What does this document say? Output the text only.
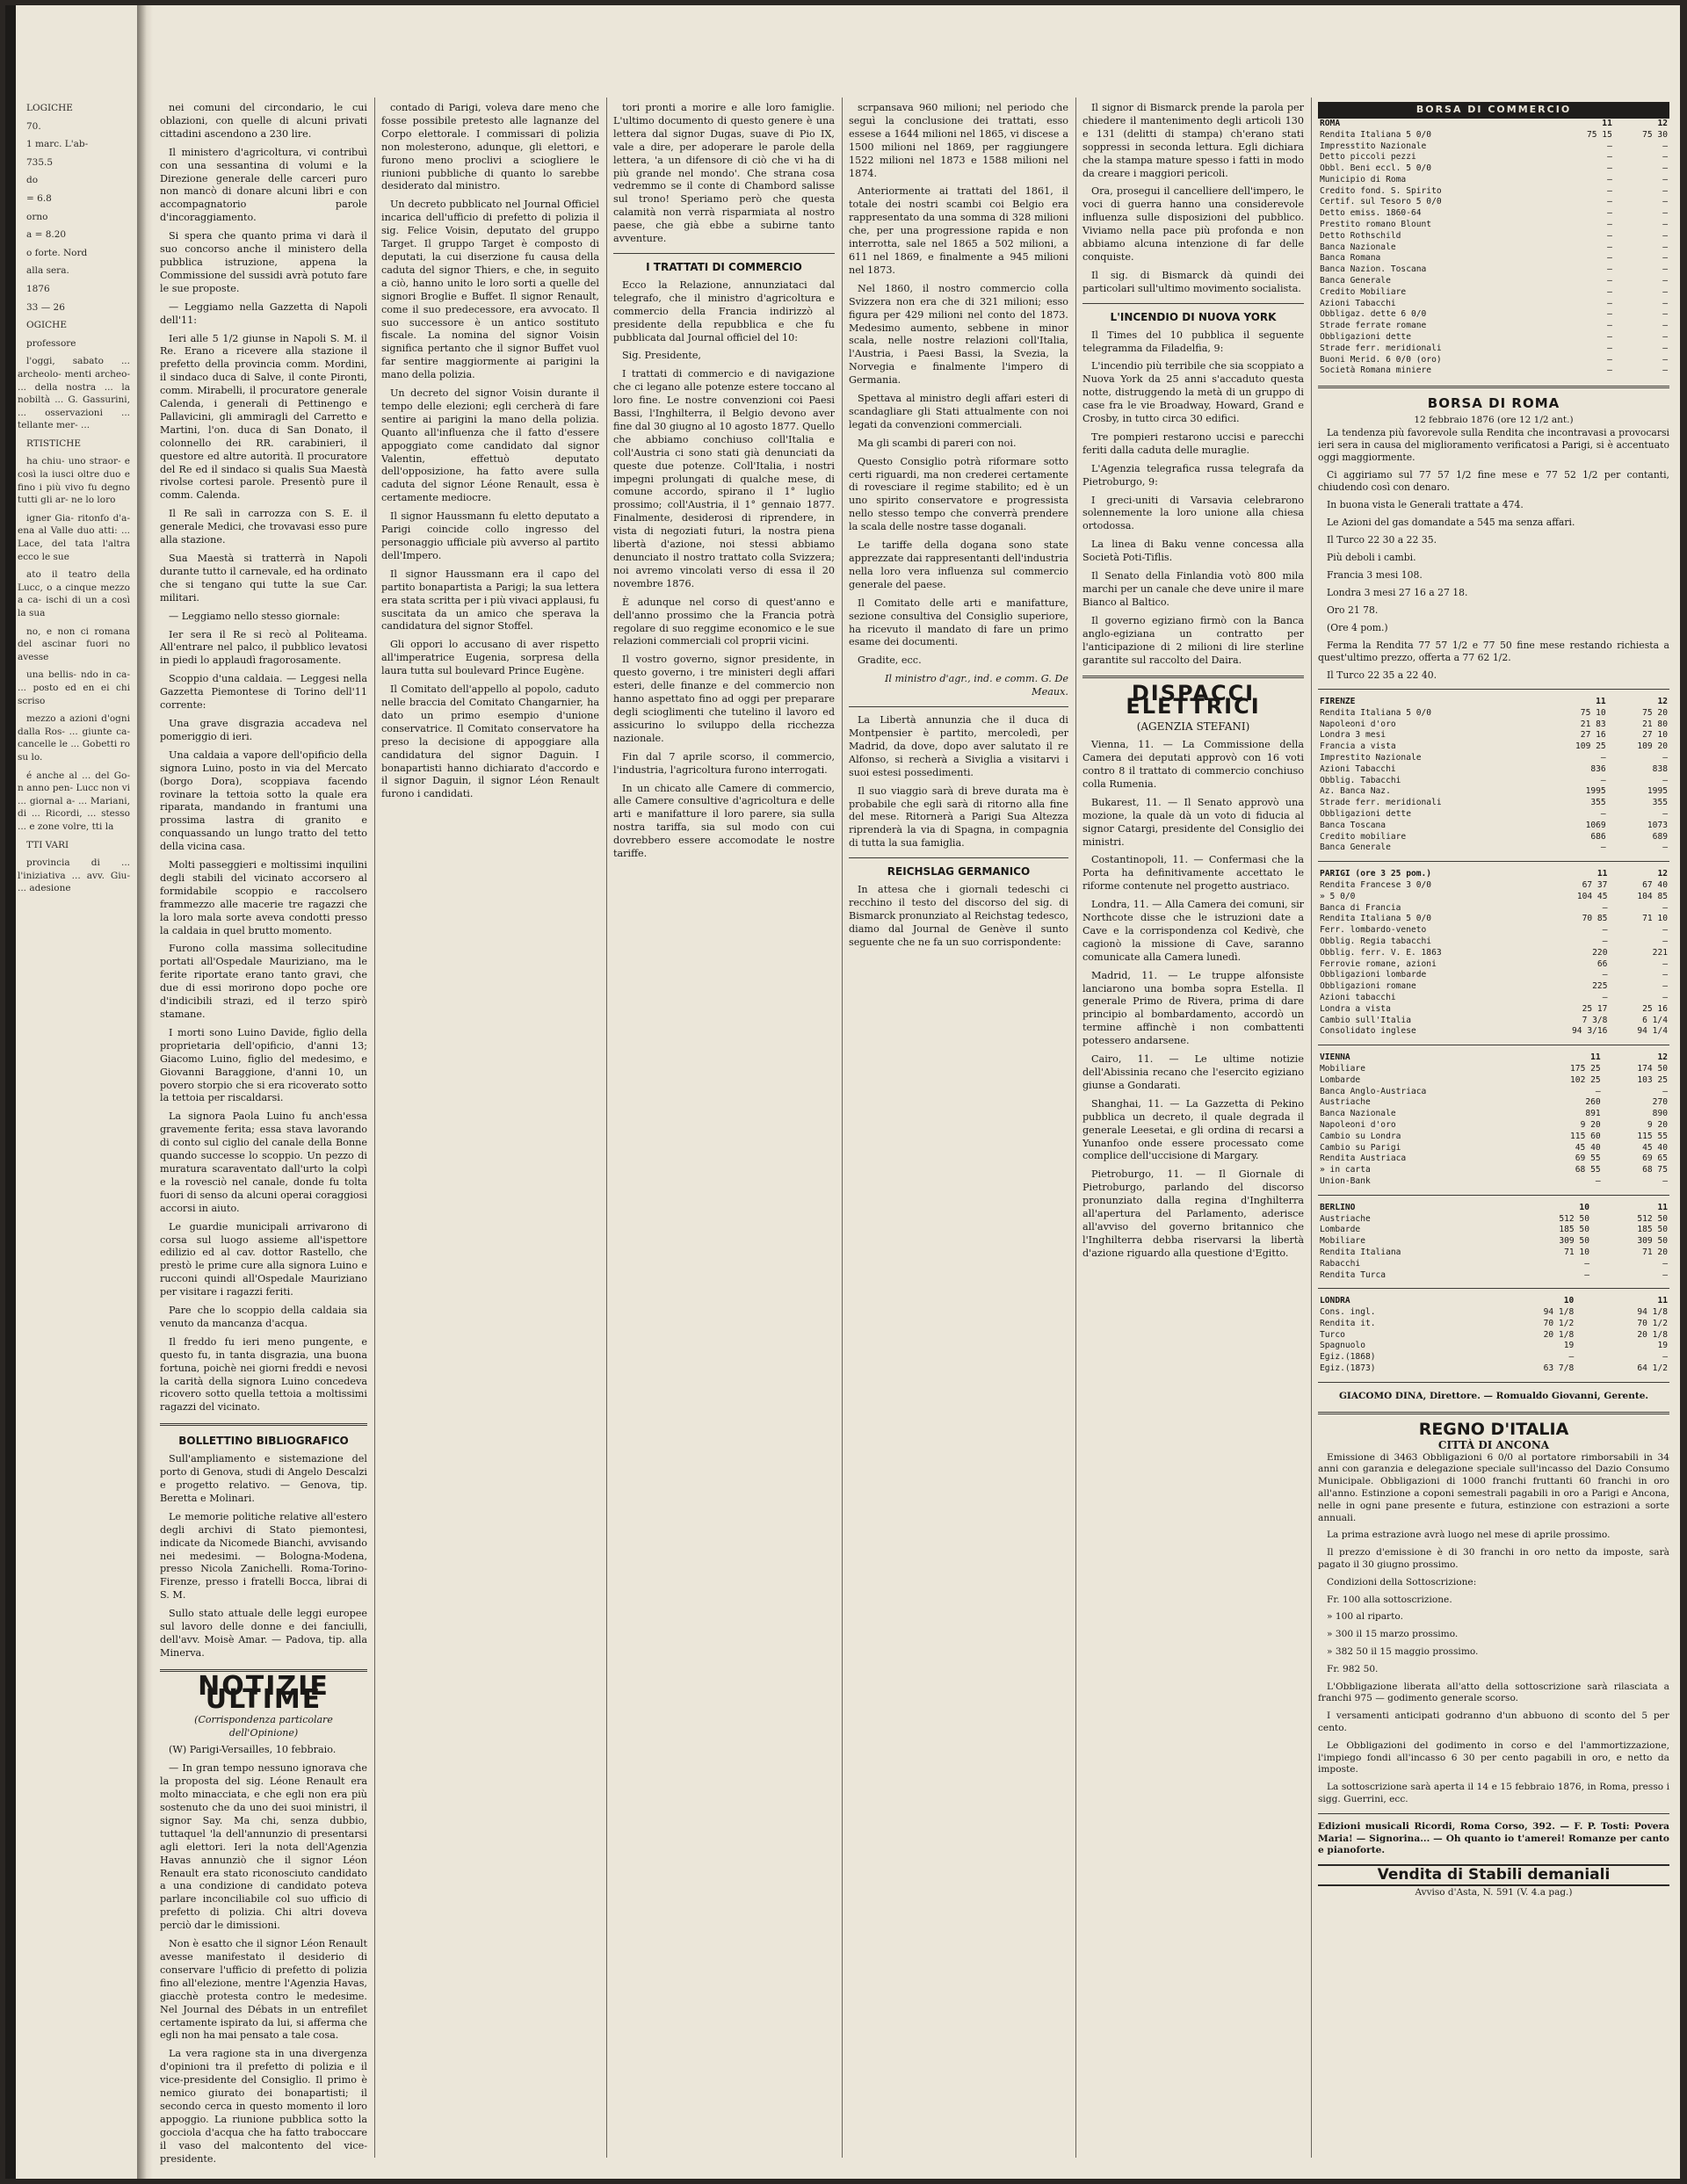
LOGICHE

70.

1 marc. L'ab-

735.5

do

= 6.8

orno

a = 8.20

o forte. Nord

alla sera.

1876

33 — 26

OGICHE

professore

l'oggi, sabato ... archeolo- menti archeo- ... della nostra ... la nobiltà ... G. Gassurini, ... osservazioni ... tellante mer- ...

RTISTICHE

ha chiu- uno straor- e così la iusci oltre duo e fino i più vivo fu degno tutti gli ar- ne lo loro

igner Gia- ritonfo d'a- ena al Valle duo atti: ... Lace, del tata l'altra ecco le sue

ato il teatro della Lucc, o a cinque mezzo a ca- ischi di un a così la sua

no, e non ci romana del ascinar fuori no avesse

una bellis- ndo in ca- ... posto ed en ei chi scriso

mezzo a azioni d'ogni dalla Ros- ... giunte ca- cancelle le ... Gobetti ro su lo.

é anche al ... del Go- n anno pen- Lucc non vi ... giornal a- ... Mariani, di ... Ricordi, ... stesso ... e zone volre, tti la

TTI VARI

provincia di ... l'iniziativa ... avv. Giu- ... adesione

nei comuni del circondario, le cui oblazioni, con quelle di alcuni privati cittadini ascendono a 230 lire.

Il ministero d'agricoltura, vi contribuì con una sessantina di volumi e la Direzione generale delle carceri puro non mancò di donare alcuni libri e con accompagnatorio parole d'incoraggiamento.

Si spera che quanto prima vi darà il suo concorso anche il ministero della pubblica istruzione, appena la Commissione del sussidi avrà potuto fare le sue proposte.

— Leggiamo nella Gazzetta di Napoli dell'11:

Ieri alle 5 1/2 giunse in Napoli S. M. il Re. Erano a ricevere alla stazione il prefetto della provincia comm. Mordini, il sindaco duca di Salve, il conte Pironti, comm. Mirabelli, il procuratore generale Calenda, i generali di Pettinengo e Pallavicini, gli ammiragli del Carretto e Martini, l'on. duca di San Donato, il colonnello dei RR. carabinieri, il questore ed altre autorità. Il procuratore del Re ed il sindaco si qualis Sua Maestà rivolse cortesi parole. Presentò pure il comm. Calenda.

Il Re salì in carrozza con S. E. il generale Medici, che trovavasi esso pure alla stazione.

Sua Maestà si tratterrà in Napoli durante tutto il carnevale, ed ha ordinato che si tengano qui tutte la sue Car. militari.

— Leggiamo nello stesso giornale:

Ier sera il Re si recò al Politeama. All'entrare nel palco, il pubblico levatosi in piedi lo applaudì fragorosamente.

Scoppio d'una caldaia. — Leggesi nella Gazzetta Piemontese di Torino dell'11 corrente:

Una grave disgrazia accadeva nel pomeriggio di ieri.

Una caldaia a vapore dell'opificio della signora Luino, posto in via del Mercato (borgo Dora), scoppiava facendo rovinare la tettoia sotto la quale era riparata, mandando in frantumi una prossima lastra di granito e conquassando un lungo tratto del tetto della vicina casa.

Molti passeggieri e moltissimi inquilini degli stabili del vicinato accorsero al formidabile scoppio e raccolsero frammezzo alle macerie tre ragazzi che la loro mala sorte aveva condotti presso la caldaia in quel brutto momento.

Furono colla massima sollecitudine portati all'Ospedale Mauriziano, ma le ferite riportate erano tanto gravi, che due di essi morirono dopo poche ore d'indicibili strazi, ed il terzo spirò stamane.

I morti sono Luino Davide, figlio della proprietaria dell'opificio, d'anni 13; Giacomo Luino, figlio del medesimo, e Giovanni Baraggione, d'anni 10, un povero storpio che si era ricoverato sotto la tettoia per riscaldarsi.

La signora Paola Luino fu anch'essa gravemente ferita; essa stava lavorando di conto sul ciglio del canale della Bonne quando successe lo scoppio. Un pezzo di muratura scaraventato dall'urto la colpì e la rovesciò nel canale, donde fu tolta fuori di senso da alcuni operai coraggiosi accorsi in aiuto.

Le guardie municipali arrivarono di corsa sul luogo assieme all'ispettore edilizio ed al cav. dottor Rastello, che prestò le prime cure alla signora Luino e rucconi quindi all'Ospedale Mauriziano per visitare i ragazzi feriti.

Pare che lo scoppio della caldaia sia venuto da mancanza d'acqua.

Il freddo fu ieri meno pungente, e questo fu, in tanta disgrazia, una buona fortuna, poichè nei giorni freddi e nevosi la carità della signora Luino concedeva ricovero sotto quella tettoia a moltissimi ragazzi del vicinato.

BOLLETTINO BIBLIOGRAFICO

Sull'ampliamento e sistemazione del porto di Genova, studi di Angelo Descalzi e progetto relativo. — Genova, tip. Beretta e Molinari.

Le memorie politiche relative all'estero degli archivi di Stato piemontesi, indicate da Nicomede Bianchi, avvisando nei medesimi. — Bologna-Modena, presso Nicola Zanichelli. Roma-Torino-Firenze, presso i fratelli Bocca, librai di S. M.

Sullo stato attuale delle leggi europee sul lavoro delle donne e dei fanciulli, dell'avv. Moisè Amar. — Padova, tip. alla Minerva.

NOTIZIE ULTIME
(Corrispondenza particolare dell'Opinione)

(W) Parigi-Versailles, 10 febbraio.

— In gran tempo nessuno ignorava che la proposta del sig. Léone Renault era molto minacciata, e che egli non era più sostenuto che da uno dei suoi ministri, il signor Say. Ma chi, senza dubbio, tuttaquel 'la dell'annunzio di presentarsi agli elettori. Ieri la nota dell'Agenzia Havas annunziò che il signor Léon Renault era stato riconosciuto candidato a una condizione di candidato poteva parlare inconciliabile col suo ufficio di prefetto di polizia. Chi altri doveva perciò dar le dimissioni.

Non è esatto che il signor Léon Renault avesse manifestato il desiderio di conservare l'ufficio di prefetto di polizia fino all'elezione, mentre l'Agenzia Havas, giacchè protesta contro le medesime. Nel Journal des Débats in un entrefilet certamente ispirato da lui, si afferma che egli non ha mai pensato a tale cosa.

La vera ragione sta in una divergenza d'opinioni tra il prefetto di polizia e il vice-presidente del Consiglio. Il primo è nemico giurato dei bonapartisti; il secondo cerca in questo momento il loro appoggio. La riunione pubblica sotto la gocciola d'acqua che ha fatto traboccare il vaso del malcontento del vice-presidente.

contado di Parigi, voleva dare meno che fosse possibile pretesto alle lagnanze del Corpo elettorale. I commissari di polizia non molesterono, adunque, gli elettori, e furono meno proclivi a sciogliere le riunioni pubbliche di quanto lo sarebbe desiderato dal ministro.

Un decreto pubblicato nel Journal Officiel incarica dell'ufficio di prefetto di polizia il sig. Felice Voisin, deputato del gruppo Target. Il gruppo Target è composto di deputati, la cui diserzione fu causa della caduta del signor Thiers, e che, in seguito a ciò, hanno unito le loro sorti a quelle del signori Broglie e Buffet. Il signor Renault, come il suo predecessore, era avvocato. Il suo successore è un antico sostituto fiscale. La nomina del signor Voisin significa pertanto che il signor Buffet vuol far sentire maggiormente ai parigini la mano della polizia.

Un decreto del signor Voisin durante il tempo delle elezioni; egli cercherà di fare sentire ai parigini la mano della polizia. Quanto all'influenza che il fatto d'essere appoggiato come candidato dal signor Valentin, effettuò deputato dell'opposizione, ha fatto avere sulla caduta del signor Léone Renault, essa è certamente mediocre.

Il signor Haussmann fu eletto deputato a Parigi coincide collo ingresso del personaggio ufficiale più avverso al partito dell'Impero.

Il signor Haussmann era il capo del partito bonapartista a Parigi; la sua lettera era stata scritta per i più vivaci applausi, fu suscitata da un amico che sperava la candidatura del signor Stoffel.

Gli oppori lo accusano di aver rispetto all'imperatrice Eugenia, sorpresa della laura tutta sul boulevard Prince Eugène.

Il Comitato dell'appello al popolo, caduto nelle braccia del Comitato Changarnier, ha dato un primo esempio d'unione conservatrice. Il Comitato conservatore ha preso la decisione di appoggiare alla candidatura del signor Daguin. I bonapartisti hanno dichiarato d'accordo e il signor Daguin, il signor Léon Renault furono i candidati.

tori pronti a morire e alle loro famiglie. L'ultimo documento di questo genere è una lettera dal signor Dugas, suave di Pio IX, vale a dire, per adoperare le parole della lettera, 'a un difensore di ciò che vi ha di più grande nel mondo'. Che strana cosa vedremmo se il conte di Chambord salisse sul trono! Speriamo però che questa calamità non verrà risparmiata al nostro paese, che già ebbe a subirne tanto avventure.

I TRATTATI DI COMMERCIO

Ecco la Relazione, annunziataci dal telegrafo, che il ministro d'agricoltura e commercio della Francia indirizzò al presidente della repubblica e che fu pubblicata dal Journal officiel del 10:

Sig. Presidente,

I trattati di commercio e di navigazione che ci legano alle potenze estere toccano al loro fine. Le nostre convenzioni coi Paesi Bassi, l'Inghilterra, il Belgio devono aver fine dal 30 giugno al 10 agosto 1877. Quello che abbiamo conchiuso coll'Italia e coll'Austria ci sono stati già denunciati da queste due potenze. Coll'Italia, i nostri impegni prolungati di qualche mese, di comune accordo, spirano il 1° luglio prossimo; coll'Austria, il 1° gennaio 1877. Finalmente, desiderosi di riprendere, in vista di negoziati futuri, la nostra piena libertà d'azione, noi stessi abbiamo denunciato il nostro trattato colla Svizzera; noi avremo vincolati verso di essa il 20 novembre 1876.

È adunque nel corso di quest'anno e dell'anno prossimo che la Francia potrà regolare di suo reggime economico e le sue relazioni commerciali col proprii vicini.

Il vostro governo, signor presidente, in questo governo, i tre ministeri degli affari esteri, delle finanze e del commercio non hanno aspettato fino ad oggi per preparare degli scioglimenti che tutelino il lavoro ed assicurino lo sviluppo della ricchezza nazionale.

Fin dal 7 aprile scorso, il commercio, l'industria, l'agricoltura furono interrogati.

In un chicato alle Camere di commercio, alle Camere consultive d'agricoltura e delle arti e manifatture il loro parere, sia sulla nostra tariffa, sia sul modo con cui dovrebbero essere accomodate le nostre tariffe.

scrpansava 960 milioni; nel periodo che seguì la conclusione dei trattati, esso essese a 1644 milioni nel 1865, vi discese a 1500 milioni nel 1869, per raggiungere 1522 milioni nel 1873 e 1588 milioni nel 1874.

Anteriormente ai trattati del 1861, il totale dei nostri scambi coi Belgio era rappresentato da una somma di 328 milioni che, per una progressione rapida e non interrotta, sale nel 1865 a 502 milioni, a 611 nel 1869, e finalmente a 945 milioni nel 1873.

Nel 1860, il nostro commercio colla Svizzera non era che di 321 milioni; esso figura per 429 milioni nel conto del 1873. Medesimo aumento, sebbene in minor scala, nelle nostre relazioni coll'Italia, l'Austria, i Paesi Bassi, la Svezia, la Norvegia e finalmente l'impero di Germania.

Spettava al ministro degli affari esteri di scandagliare gli Stati attualmente con noi legati da convenzioni commerciali.

Ma gli scambi di pareri con noi.

Questo Consiglio potrà riformare sotto certi riguardi, ma non crederei certamente di rovesciare il regime stabilito; ed è un uno spirito conservatore e progressista nello stesso tempo che converrà prendere la scala delle nostre tasse doganali.

Le tariffe della dogana sono state apprezzate dai rappresentanti dell'industria nella loro vera influenza sul commercio generale del paese.

Il Comitato delle arti e manifatture, sezione consultiva del Consiglio superiore, ha ricevuto il mandato di fare un primo esame dei documenti.

Gradite, ecc.

Il ministro d'agr., ind. e comm. G. De Meaux.

La Libertà annunzia che il duca di Montpensier è partito, mercoledì, per Madrid, da dove, dopo aver salutato il re Alfonso, si recherà a Siviglia a visitarvi i suoi estesi possedimenti.

Il suo viaggio sarà di breve durata ma è probabile che egli sarà di ritorno alla fine del mese. Ritornerà a Parigi Sua Altezza riprenderà la via di Spagna, in compagnia di tutta la sua famiglia.

REICHSLAG GERMANICO

In attesa che i giornali tedeschi ci recchino il testo del discorso del sig. di Bismarck pronunziato al Reichstag tedesco, diamo dal Journal de Genève il sunto seguente che ne fa un suo corrispondente:

Il signor di Bismarck prende la parola per chiedere il mantenimento degli articoli 130 e 131 (delitti di stampa) ch'erano stati soppressi in seconda lettura. Egli dichiara che la stampa mature spesso i fatti in modo da creare i maggiori pericoli.

Ora, prosegui il cancelliere dell'impero, le voci di guerra hanno una considerevole influenza sulle disposizioni del pubblico. Viviamo nella pace più profonda e non abbiamo alcuna intenzione di far delle conquiste.

Il sig. di Bismarck dà quindi dei particolari sull'ultimo movimento socialista.

L'INCENDIO DI NUOVA YORK

Il Times del 10 pubblica il seguente telegramma da Filadelfia, 9:

L'incendio più terribile che sia scoppiato a Nuova York da 25 anni s'accaduto questa notte, distruggendo la metà di un gruppo di case fra le vie Broadway, Howard, Grand e Crosby, in tutto circa 30 edifici.

Tre pompieri restarono uccisi e parecchi feriti dalla caduta delle muraglie.

L'Agenzia telegrafica russa telegrafa da Pietroburgo, 9:

I greci-uniti di Varsavia celebrarono solennemente la loro unione alla chiesa ortodossa.

La linea di Baku venne concessa alla Società Poti-Tiflis.

Il Senato della Finlandia votò 800 mila marchi per un canale che deve unire il mare Bianco al Baltico.

Il governo egiziano firmò con la Banca anglo-egiziana un contratto per l'anticipazione di 2 milioni di lire sterline garantite sul raccolto del Daira.

DISPACCI ELETTRICI
(AGENZIA STEFANI)

Vienna, 11. — La Commissione della Camera dei deputati approvò con 16 voti contro 8 il trattato di commercio conchiuso colla Rumenia.

Bukarest, 11. — Il Senato approvò una mozione, la quale dà un voto di fiducia al signor Catargi, presidente del Consiglio dei ministri.

Costantinopoli, 11. — Confermasi che la Porta ha definitivamente accettato le riforme contenute nel progetto austriaco.

Londra, 11. — Alla Camera dei comuni, sir Northcote disse che le istruzioni date a Cave e la corrispondenza col Kedivè, che cagionò la missione di Cave, saranno comunicate alla Camera lunedì.

Madrid, 11. — Le truppe alfonsiste lanciarono una bomba sopra Estella. Il generale Primo de Rivera, prima di dare principio al bombardamento, accordò un termine affinchè i non combattenti potessero andarsene.

Cairo, 11. — Le ultime notizie dell'Abissinia recano che l'esercito egiziano giunse a Gondarati.

Shanghai, 11. — La Gazzetta di Pekino pubblica un decreto, il quale degrada il generale Leesetai, e gli ordina di recarsi a Yunanfoo onde essere processato come complice dell'uccisione di Margary.

Pietroburgo, 11. — Il Giornale di Pietroburgo, parlando del discorso pronunziato dalla regina d'Inghilterra all'apertura del Parlamento, aderisce all'avviso del governo britannico che l'Inghilterra debba riservarsi la libertà d'azione riguardo alla questione d'Egitto.

BORSA DI COMMERCIO
ROMA	11	12
Rendita Italiana 5 0/0	75 15	75 30
Impresstito Nazionale	—	—
Detto piccoli pezzi	—	—
Obbl. Beni eccl. 5 0/0	—	—
Municipio di Roma	—	—
Credito fond. S. Spirito	—	—
Certif. sul Tesoro 5 0/0	—	—
Detto emiss. 1860-64	—	—
Prestito romano Blount	—	—
Detto Rothschild	—	—
Banca Nazionale	—	—
Banca Romana	—	—
Banca Nazion. Toscana	—	—
Banca Generale	—	—
Credito Mobiliare	—	—
Azioni Tabacchi	—	—
Obbligaz. dette 6 0/0	—	—
Strade ferrate romane	—	—
Obbligazioni dette	—	—
Strade ferr. meridionali	—	—
Buoni Merid. 6 0/0 (oro)	—	—
Società Romana miniere	—	—
BORSA DI ROMA
12 febbraio 1876 (ore 12 1/2 ant.)

La tendenza più favorevole sulla Rendita che incontravasi a provocarsi ieri sera in causa del miglioramento verificatosi a Parigi, si è accentuato oggi maggiormente.

Ci aggiriamo sul 77 57 1/2 fine mese e 77 52 1/2 per contanti, chiudendo così con denaro.

In buona vista le Generali trattate a 474.

Le Azioni del gas domandate a 545 ma senza affari.

Il Turco 22 30 a 22 35.

Più deboli i cambi.

Francia 3 mesi 108.

Londra 3 mesi 27 16 a 27 18.

Oro 21 78.

(Ore 4 pom.)

Ferma la Rendita 77 57 1/2 e 77 50 fine mese restando richiesta a quest'ultimo prezzo, offerta a 77 62 1/2.

Il Turco 22 35 a 22 40.

FIRENZE	11	12
Rendita Italiana 5 0/0	75 10	75 20
Napoleoni d'oro	21 83	21 80
Londra 3 mesi	27 16	27 10
Francia a vista	109 25	109 20
Imprestito Nazionale	—	—
Azioni Tabacchi	836	838
Obblig. Tabacchi	—	—
Az. Banca Naz.	1995	1995
Strade ferr. meridionali	355	355
Obbligazioni dette	—	—
Banca Toscana	1069	1073
Credito mobiliare	686	689
Banca Generale	—	—
PARIGI (ore 3 25 pom.)	11	12
Rendita Francese 3 0/0	67 37	67 40
» 5 0/0	104 45	104 85
Banca di Francia	—	—
Rendita Italiana 5 0/0	70 85	71 10
Ferr. lombardo-veneto	—	—
Obblig. Regia tabacchi	—	—
Obblig. ferr. V. E. 1863	220	221
Ferrovie romane, azioni	66	—
Obbligazioni lombarde	—	—
Obbligazioni romane	225	—
Azioni tabacchi	—	—
Londra a vista	25 17	25 16
Cambio sull'Italia	7 3/8	6 1/4
Consolidato inglese	94 3/16	94 1/4
VIENNA	11	12
Mobiliare	175 25	174 50
Lombarde	102 25	103 25
Banca Anglo-Austriaca	—	—
Austriache	260	270
Banca Nazionale	891	890
Napoleoni d'oro	9 20	9 20
Cambio su Londra	115 60	115 55
Cambio su Parigi	45 40	45 40
Rendita Austriaca	69 55	69 65
» in carta	68 55	68 75
Union-Bank	—	—
BERLINO	10	11
Austriache	512 50	512 50
Lombarde	185 50	185 50
Mobiliare	309 50	309 50
Rendita Italiana	71 10	71 20
Rabacchi	—	—
Rendita Turca	—	—
LONDRA	10	11
Cons. ingl.	94 1/8	94 1/8
Rendita it.	70 1/2	70 1/2
Turco	20 1/8	20 1/8
Spagnuolo	19	19
Egiz.(1868)	—	—
Egiz.(1873)	63 7/8	64 1/2
GIACOMO DINA, Direttore. — Romualdo Giovanni, Gerente.
REGNO D'ITALIA
CITTÀ DI ANCONA

Emissione di 3463 Obbligazioni 6 0/0 al portatore rimborsabili in 34 anni con garanzia e delegazione speciale sull'incasso del Dazio Consumo Municipale. Obbligazioni di 1000 franchi fruttanti 60 franchi in oro all'anno. Estinzione a coponi semestrali pagabili in oro a Parigi e Ancona, nelle in ogni pane presente e futura, estinzione con estrazioni a sorte annuali.

La prima estrazione avrà luogo nel mese di aprile prossimo.

Il prezzo d'emissione è di 30 franchi in oro netto da imposte, sarà pagato il 30 giugno prossimo.

Condizioni della Sottoscrizione:

Fr. 100 alla sottoscrizione.

» 100 al riparto.

» 300 il 15 marzo prossimo.

» 382 50 il 15 maggio prossimo.

Fr. 982 50.

L'Obbligazione liberata all'atto della sottoscrizione sarà rilasciata a franchi 975 — godimento generale scorso.

I versamenti anticipati godranno d'un abbuono di sconto del 5 per cento.

Le Obbligazioni del godimento in corso e del l'ammortizzazione, l'impiego fondi all'incasso 6 30 per cento pagabili in oro, e netto da imposte.

La sottoscrizione sarà aperta il 14 e 15 febbraio 1876, in Roma, presso i sigg. Guerrini, ecc.

Edizioni musicali Ricordi, Roma Corso, 392. — F. P. Tosti: Povera Maria! — Signorina... — Oh quanto io t'amerei! Romanze per canto e pianoforte.
Vendita di Stabili demaniali
Avviso d'Asta, N. 591 (V. 4.a pag.)
